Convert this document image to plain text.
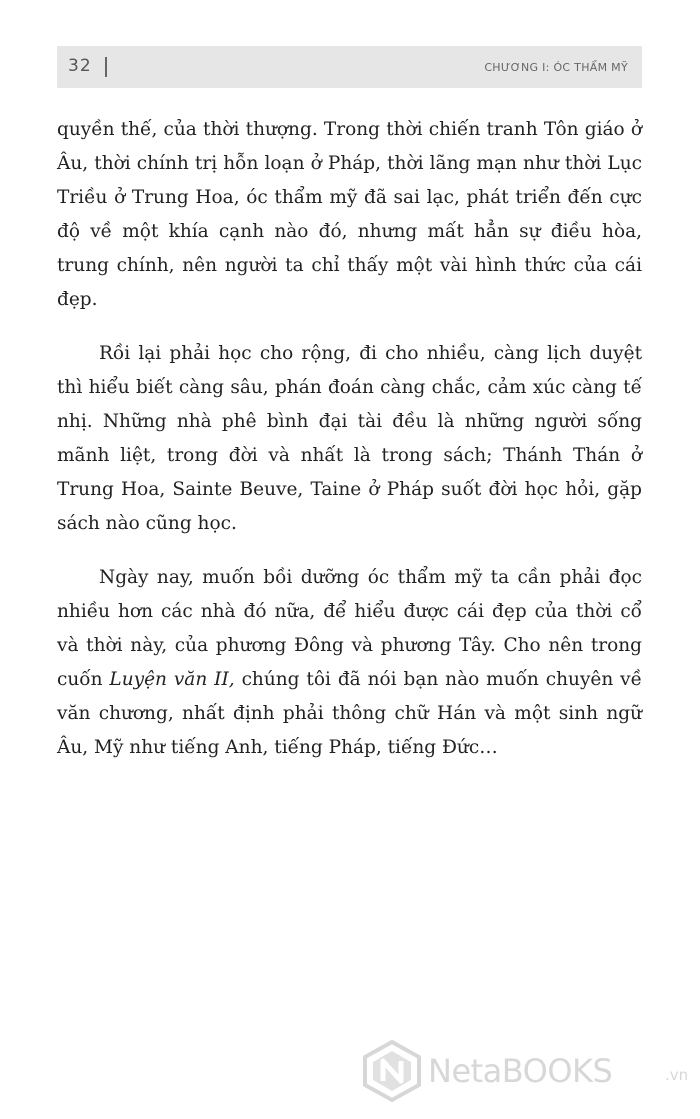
32	CHƯƠNG I: ÓC THẨM MỸ

quyền thế, của thời thượng. Trong thời chiến tranh Tôn giáo ở Âu, thời chính trị hỗn loạn ở Pháp, thời lãng mạn như thời Lục Triều ở Trung Hoa, óc thẩm mỹ đã sai lạc, phát triển đến cực độ về một khía cạnh nào đó, nhưng mất hẳn sự điều hòa, trung chính, nên người ta chỉ thấy một vài hình thức của cái đẹp.

Rồi lại phải học cho rộng, đi cho nhiều, càng lịch duyệt thì hiểu biết càng sâu, phán đoán càng chắc, cảm xúc càng tế nhị. Những nhà phê bình đại tài đều là những người sống mãnh liệt, trong đời và nhất là trong sách; Thánh Thán ở Trung Hoa, Sainte Beuve, Taine ở Pháp suốt đời học hỏi, gặp sách nào cũng học.

Ngày nay, muốn bồi dưỡng óc thẩm mỹ ta cần phải đọc nhiều hơn các nhà đó nữa, để hiểu được cái đẹp của thời cổ và thời này, của phương Đông và phương Tây. Cho nên trong cuốn Luyện văn II, chúng tôi đã nói bạn nào muốn chuyên về văn chương, nhất định phải thông chữ Hán và một sinh ngữ Âu, Mỹ như tiếng Anh, tiếng Pháp, tiếng Đức…

NetaBOOKS	.vn
